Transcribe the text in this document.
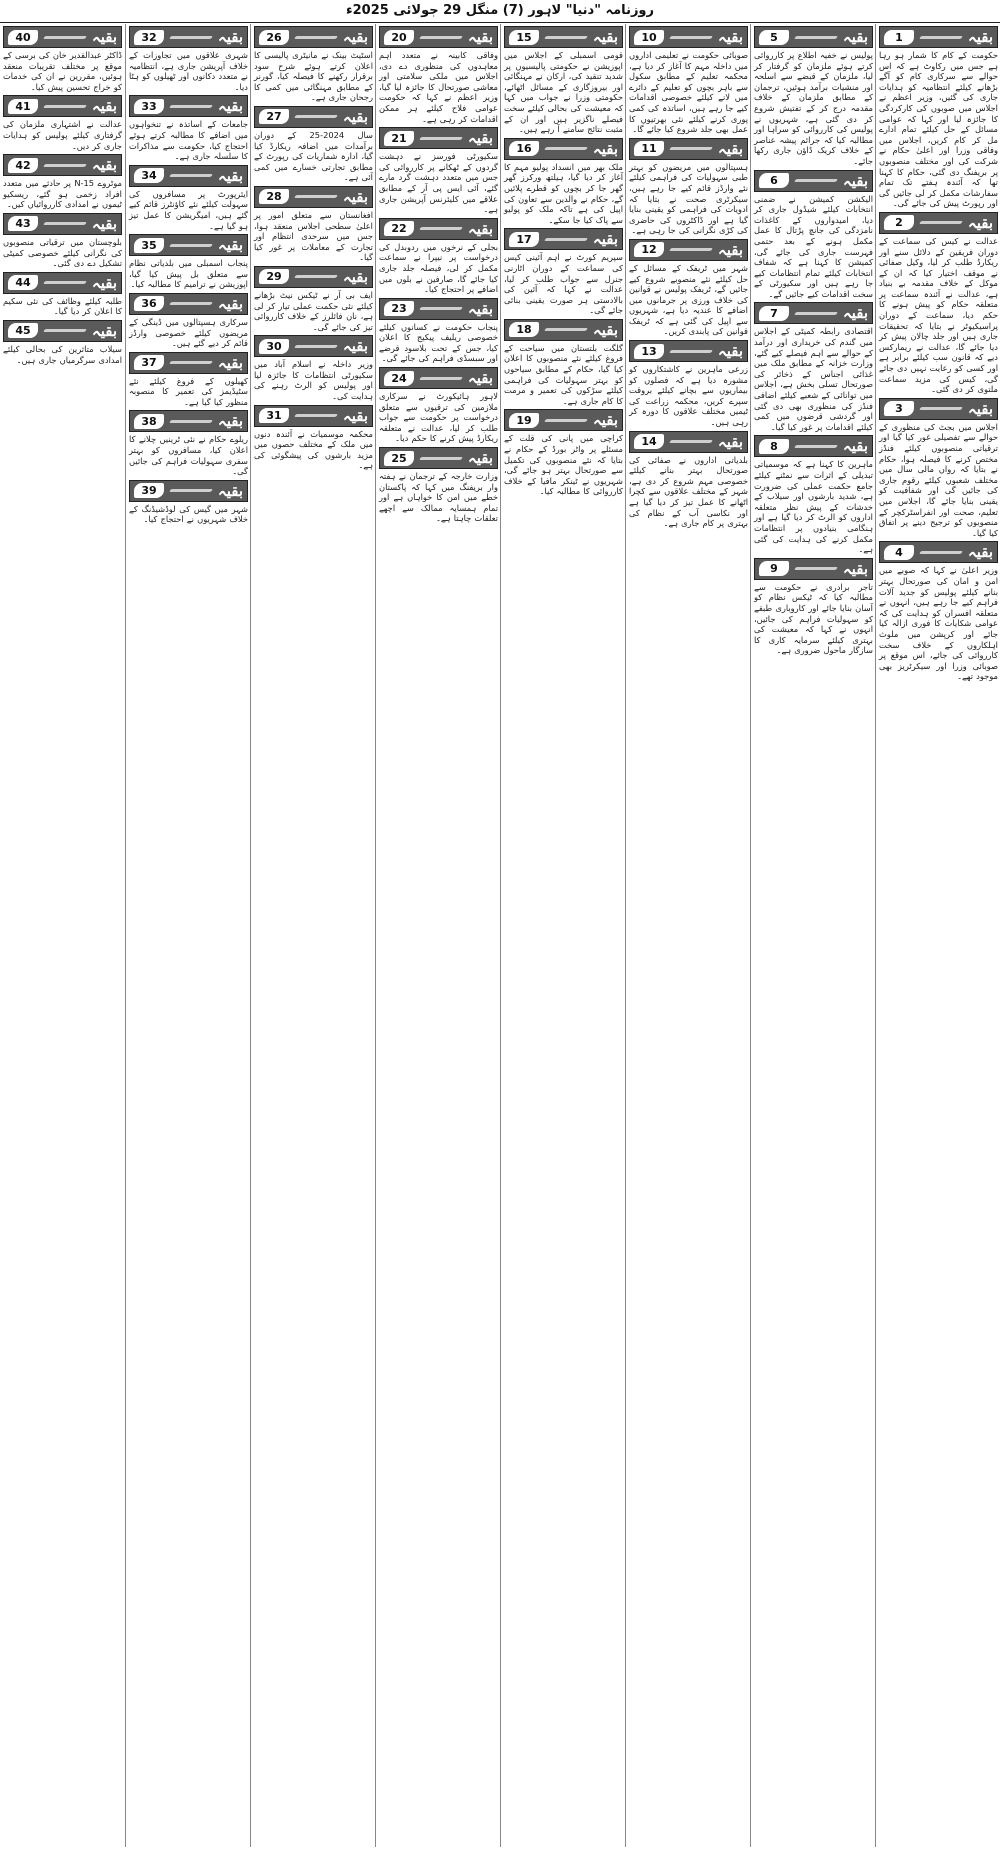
روزنامہ "دنیا" لاہور (7) منگل 29 جولائی 2025ء
بقیہ
1
حکومت کے کام کا شمار ہو رہا ہے جس میں رکاوٹ ہے کہ اس حوالے سے سرکاری کام کو آگے بڑھانے کیلئے انتظامیہ کو ہدایات جاری کی گئیں، وزیر اعظم نے اجلاس میں صوبوں کی کارکردگی کا جائزہ لیا اور کہا کہ عوامی مسائل کے حل کیلئے تمام ادارے مل کر کام کریں، اجلاس میں وفاقی وزرا اور اعلیٰ حکام نے شرکت کی اور مختلف منصوبوں پر بریفنگ دی گئی، حکام کا کہنا تھا کہ آئندہ ہفتے تک تمام سفارشات مکمل کر لی جائیں گی اور رپورٹ پیش کی جائے گی۔
بقیہ
2
عدالت نے کیس کی سماعت کے دوران فریقین کے دلائل سنے اور ریکارڈ طلب کر لیا، وکیل صفائی نے موقف اختیار کیا کہ ان کے موکل کے خلاف مقدمہ بے بنیاد ہے، عدالت نے آئندہ سماعت پر متعلقہ حکام کو پیش ہونے کا حکم دیا، سماعت کے دوران پراسیکیوٹر نے بتایا کہ تحقیقات جاری ہیں اور جلد چالان پیش کر دیا جائے گا، عدالت نے ریمارکس دیے کہ قانون سب کیلئے برابر ہے اور کسی کو رعایت نہیں دی جائے گی، کیس کی مزید سماعت ملتوی کر دی گئی۔
بقیہ
3
اجلاس میں بجٹ کی منظوری کے حوالے سے تفصیلی غور کیا گیا اور ترقیاتی منصوبوں کیلئے فنڈز مختص کرنے کا فیصلہ ہوا، حکام نے بتایا کہ رواں مالی سال میں مختلف شعبوں کیلئے رقوم جاری کی جائیں گی اور شفافیت کو یقینی بنایا جائے گا، اجلاس میں تعلیم، صحت اور انفراسٹرکچر کے منصوبوں کو ترجیح دینے پر اتفاق کیا گیا۔
بقیہ
4
وزیر اعلیٰ نے کہا کہ صوبے میں امن و امان کی صورتحال بہتر بنانے کیلئے پولیس کو جدید آلات فراہم کیے جا رہے ہیں، انہوں نے متعلقہ افسران کو ہدایت کی کہ عوامی شکایات کا فوری ازالہ کیا جائے اور کرپشن میں ملوث اہلکاروں کے خلاف سخت کارروائی کی جائے، اس موقع پر صوبائی وزرا اور سیکرٹریز بھی موجود تھے۔
بقیہ
5
پولیس نے خفیہ اطلاع پر کارروائی کرتے ہوئے ملزمان کو گرفتار کر لیا، ملزمان کے قبضے سے اسلحہ اور منشیات برآمد ہوئیں، ترجمان کے مطابق ملزمان کے خلاف مقدمہ درج کر کے تفتیش شروع کر دی گئی ہے، شہریوں نے پولیس کی کارروائی کو سراہا اور مطالبہ کیا کہ جرائم پیشہ عناصر کے خلاف کریک ڈاؤن جاری رکھا جائے۔
بقیہ
6
الیکشن کمیشن نے ضمنی انتخابات کیلئے شیڈول جاری کر دیا، امیدواروں کے کاغذات نامزدگی کی جانچ پڑتال کا عمل مکمل ہونے کے بعد حتمی فہرست جاری کی جائے گی، کمیشن کا کہنا ہے کہ شفاف انتخابات کیلئے تمام انتظامات کیے جا رہے ہیں اور سکیورٹی کے سخت اقدامات کیے جائیں گے۔
بقیہ
7
اقتصادی رابطہ کمیٹی کے اجلاس میں گندم کی خریداری اور درآمد کے حوالے سے اہم فیصلے کیے گئے، وزارت خزانہ کے مطابق ملک میں غذائی اجناس کے ذخائر کی صورتحال تسلی بخش ہے، اجلاس میں توانائی کے شعبے کیلئے اضافی فنڈز کی منظوری بھی دی گئی اور گردشی قرضوں میں کمی کیلئے اقدامات پر غور کیا گیا۔
بقیہ
8
ماہرین کا کہنا ہے کہ موسمیاتی تبدیلی کے اثرات سے نمٹنے کیلئے جامع حکمت عملی کی ضرورت ہے، شدید بارشوں اور سیلاب کے خدشات کے پیش نظر متعلقہ اداروں کو الرٹ کر دیا گیا ہے اور ہنگامی بنیادوں پر انتظامات مکمل کرنے کی ہدایت کی گئی ہے۔
بقیہ
9
تاجر برادری نے حکومت سے مطالبہ کیا کہ ٹیکس نظام کو آسان بنایا جائے اور کاروباری طبقے کو سہولیات فراہم کی جائیں، انہوں نے کہا کہ معیشت کی بہتری کیلئے سرمایہ کاری کا سازگار ماحول ضروری ہے۔
بقیہ
10
صوبائی حکومت نے تعلیمی اداروں میں داخلہ مہم کا آغاز کر دیا ہے، محکمہ تعلیم کے مطابق سکول سے باہر بچوں کو تعلیم کے دائرے میں لانے کیلئے خصوصی اقدامات کیے جا رہے ہیں، اساتذہ کی کمی پوری کرنے کیلئے نئی بھرتیوں کا عمل بھی جلد شروع کیا جائے گا۔
بقیہ
11
ہسپتالوں میں مریضوں کو بہتر طبی سہولیات کی فراہمی کیلئے نئے وارڈز قائم کیے جا رہے ہیں، سیکرٹری صحت نے بتایا کہ ادویات کی فراہمی کو یقینی بنایا گیا ہے اور ڈاکٹروں کی حاضری کی کڑی نگرانی کی جا رہی ہے۔
بقیہ
12
شہر میں ٹریفک کے مسائل کے حل کیلئے نئے منصوبے شروع کیے جائیں گے، ٹریفک پولیس نے قوانین کی خلاف ورزی پر جرمانوں میں اضافے کا عندیہ دیا ہے، شہریوں سے اپیل کی گئی ہے کہ ٹریفک قوانین کی پابندی کریں۔
بقیہ
13
زرعی ماہرین نے کاشتکاروں کو مشورہ دیا ہے کہ فصلوں کو بیماریوں سے بچانے کیلئے بروقت سپرے کریں، محکمہ زراعت کی ٹیمیں مختلف علاقوں کا دورہ کر رہی ہیں۔
بقیہ
14
بلدیاتی اداروں نے صفائی کی صورتحال بہتر بنانے کیلئے خصوصی مہم شروع کر دی ہے، شہر کے مختلف علاقوں سے کچرا اٹھانے کا عمل تیز کر دیا گیا ہے اور نکاسی آب کے نظام کی بہتری پر کام جاری ہے۔
بقیہ
15
قومی اسمبلی کے اجلاس میں اپوزیشن نے حکومتی پالیسیوں پر شدید تنقید کی، ارکان نے مہنگائی اور بیروزگاری کے مسائل اٹھائے، حکومتی وزرا نے جواب میں کہا کہ معیشت کی بحالی کیلئے سخت فیصلے ناگزیر ہیں اور ان کے مثبت نتائج سامنے آ رہے ہیں۔
بقیہ
16
ملک بھر میں انسداد پولیو مہم کا آغاز کر دیا گیا، ہیلتھ ورکرز گھر گھر جا کر بچوں کو قطرے پلائیں گے، حکام نے والدین سے تعاون کی اپیل کی ہے تاکہ ملک کو پولیو سے پاک کیا جا سکے۔
بقیہ
17
سپریم کورٹ نے اہم آئینی کیس کی سماعت کے دوران اٹارنی جنرل سے جواب طلب کر لیا، عدالت نے کہا کہ آئین کی بالادستی ہر صورت یقینی بنائی جائے گی۔
بقیہ
18
گلگت بلتستان میں سیاحت کے فروغ کیلئے نئے منصوبوں کا اعلان کیا گیا، حکام کے مطابق سیاحوں کو بہتر سہولیات کی فراہمی کیلئے سڑکوں کی تعمیر و مرمت کا کام جاری ہے۔
بقیہ
19
کراچی میں پانی کی قلت کے مسئلے پر واٹر بورڈ کے حکام نے بتایا کہ نئے منصوبوں کی تکمیل سے صورتحال بہتر ہو جائے گی، شہریوں نے ٹینکر مافیا کے خلاف کارروائی کا مطالبہ کیا۔
بقیہ
20
وفاقی کابینہ نے متعدد اہم معاہدوں کی منظوری دے دی، اجلاس میں ملکی سلامتی اور معاشی صورتحال کا جائزہ لیا گیا، وزیر اعظم نے کہا کہ حکومت عوامی فلاح کیلئے ہر ممکن اقدامات کر رہی ہے۔
بقیہ
21
سکیورٹی فورسز نے دہشت گردوں کے ٹھکانے پر کارروائی کی جس میں متعدد دہشت گرد مارے گئے، آئی ایس پی آر کے مطابق علاقے میں کلیئرنس آپریشن جاری ہے۔
بقیہ
22
بجلی کے نرخوں میں ردوبدل کی درخواست پر نیپرا نے سماعت مکمل کر لی، فیصلہ جلد جاری کیا جائے گا، صارفین نے بلوں میں اضافے پر احتجاج کیا۔
بقیہ
23
پنجاب حکومت نے کسانوں کیلئے خصوصی ریلیف پیکیج کا اعلان کیا، جس کے تحت بلاسود قرضے اور سبسڈی فراہم کی جائے گی۔
بقیہ
24
لاہور ہائیکورٹ نے سرکاری ملازمین کی ترقیوں سے متعلق درخواست پر حکومت سے جواب طلب کر لیا، عدالت نے متعلقہ ریکارڈ پیش کرنے کا حکم دیا۔
بقیہ
25
وزارت خارجہ کے ترجمان نے ہفتہ وار بریفنگ میں کہا کہ پاکستان خطے میں امن کا خواہاں ہے اور تمام ہمسایہ ممالک سے اچھے تعلقات چاہتا ہے۔
بقیہ
26
اسٹیٹ بینک نے مانیٹری پالیسی کا اعلان کرتے ہوئے شرح سود برقرار رکھنے کا فیصلہ کیا، گورنر کے مطابق مہنگائی میں کمی کا رجحان جاری ہے۔
بقیہ
27
سال 2024-25 کے دوران برآمدات میں اضافہ ریکارڈ کیا گیا، ادارہ شماریات کی رپورٹ کے مطابق تجارتی خسارے میں کمی آئی ہے۔
بقیہ
28
افغانستان سے متعلق امور پر اعلیٰ سطحی اجلاس منعقد ہوا، جس میں سرحدی انتظام اور تجارت کے معاملات پر غور کیا گیا۔
بقیہ
29
ایف بی آر نے ٹیکس نیٹ بڑھانے کیلئے نئی حکمت عملی تیار کر لی ہے، نان فائلرز کے خلاف کارروائی تیز کی جائے گی۔
بقیہ
30
وزیر داخلہ نے اسلام آباد میں سکیورٹی انتظامات کا جائزہ لیا اور پولیس کو الرٹ رہنے کی ہدایت کی۔
بقیہ
31
محکمہ موسمیات نے آئندہ دنوں میں ملک کے مختلف حصوں میں مزید بارشوں کی پیشگوئی کی ہے۔
بقیہ
32
شہری علاقوں میں تجاوزات کے خلاف آپریشن جاری ہے، انتظامیہ نے متعدد دکانوں اور ٹھیلوں کو ہٹا دیا۔
بقیہ
33
جامعات کے اساتذہ نے تنخواہوں میں اضافے کا مطالبہ کرتے ہوئے احتجاج کیا، حکومت سے مذاکرات کا سلسلہ جاری ہے۔
بقیہ
34
ایئرپورٹ پر مسافروں کی سہولت کیلئے نئے کاؤنٹرز قائم کیے گئے ہیں، امیگریشن کا عمل تیز ہو گیا ہے۔
بقیہ
35
پنجاب اسمبلی میں بلدیاتی نظام سے متعلق بل پیش کیا گیا، اپوزیشن نے ترامیم کا مطالبہ کیا۔
بقیہ
36
سرکاری ہسپتالوں میں ڈینگی کے مریضوں کیلئے خصوصی وارڈز قائم کر دیے گئے ہیں۔
بقیہ
37
کھیلوں کے فروغ کیلئے نئے سٹیڈیمز کی تعمیر کا منصوبہ منظور کیا گیا ہے۔
بقیہ
38
ریلوے حکام نے نئی ٹرینیں چلانے کا اعلان کیا، مسافروں کو بہتر سفری سہولیات فراہم کی جائیں گی۔
بقیہ
39
شہر میں گیس کی لوڈشیڈنگ کے خلاف شہریوں نے احتجاج کیا۔
بقیہ
40
ڈاکٹر عبدالقدیر خان کی برسی کے موقع پر مختلف تقریبات منعقد ہوئیں، مقررین نے ان کی خدمات کو خراج تحسین پیش کیا۔
بقیہ
41
عدالت نے اشتہاری ملزمان کی گرفتاری کیلئے پولیس کو ہدایات جاری کر دیں۔
بقیہ
42
موٹروے N-15 پر حادثے میں متعدد افراد زخمی ہو گئے، ریسکیو ٹیموں نے امدادی کارروائیاں کیں۔
بقیہ
43
بلوچستان میں ترقیاتی منصوبوں کی نگرانی کیلئے خصوصی کمیٹی تشکیل دے دی گئی۔
بقیہ
44
طلبہ کیلئے وظائف کی نئی سکیم کا اعلان کر دیا گیا۔
بقیہ
45
سیلاب متاثرین کی بحالی کیلئے امدادی سرگرمیاں جاری ہیں۔
